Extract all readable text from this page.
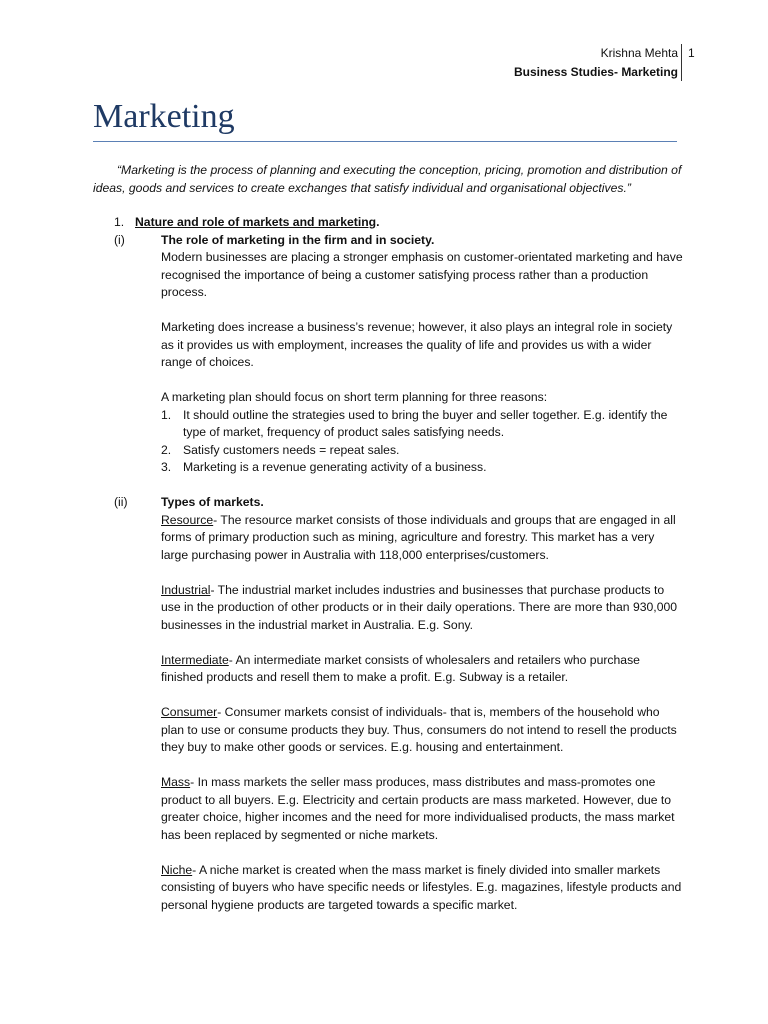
Krishna Mehta
Business Studies- Marketing
1
Marketing

“Marketing is the process of planning and executing the conception, pricing, promotion and distribution of ideas, goods and services to create exchanges that satisfy individual and organisational objectives.”

1. Nature and role of markets and marketing.
(i)	The role of marketing in the firm and in society.
Modern businesses are placing a stronger emphasis on customer-orientated marketing and have recognised the importance of being a customer satisfying process rather than a production process.
Marketing does increase a business’s revenue; however, it also plays an integral role in society as it provides us with employment, increases the quality of life and provides us with a wider range of choices.
A marketing plan should focus on short term planning for three reasons:
1. It should outline the strategies used to bring the buyer and seller together. E.g. identify the type of market, frequency of product sales satisfying needs.
2. Satisfy customers needs = repeat sales.
3. Marketing is a revenue generating activity of a business.
(ii)	Types of markets.
Resource- The resource market consists of those individuals and groups that are engaged in all forms of primary production such as mining, agriculture and forestry. This market has a very large purchasing power in Australia with 118,000 enterprises/customers.
Industrial- The industrial market includes industries and businesses that purchase products to use in the production of other products or in their daily operations. There are more than 930,000 businesses in the industrial market in Australia. E.g. Sony.
Intermediate- An intermediate market consists of wholesalers and retailers who purchase finished products and resell them to make a profit. E.g. Subway is a retailer.
Consumer- Consumer markets consist of individuals- that is, members of the household who plan to use or consume products they buy. Thus, consumers do not intend to resell the products they buy to make other goods or services. E.g. housing and entertainment.
Mass- In mass markets the seller mass produces, mass distributes and mass-promotes one product to all buyers. E.g. Electricity and certain products are mass marketed. However, due to greater choice, higher incomes and the need for more individualised products, the mass market has been replaced by segmented or niche markets.
Niche- A niche market is created when the mass market is finely divided into smaller markets consisting of buyers who have specific needs or lifestyles. E.g. magazines, lifestyle products and personal hygiene products are targeted towards a specific market.
